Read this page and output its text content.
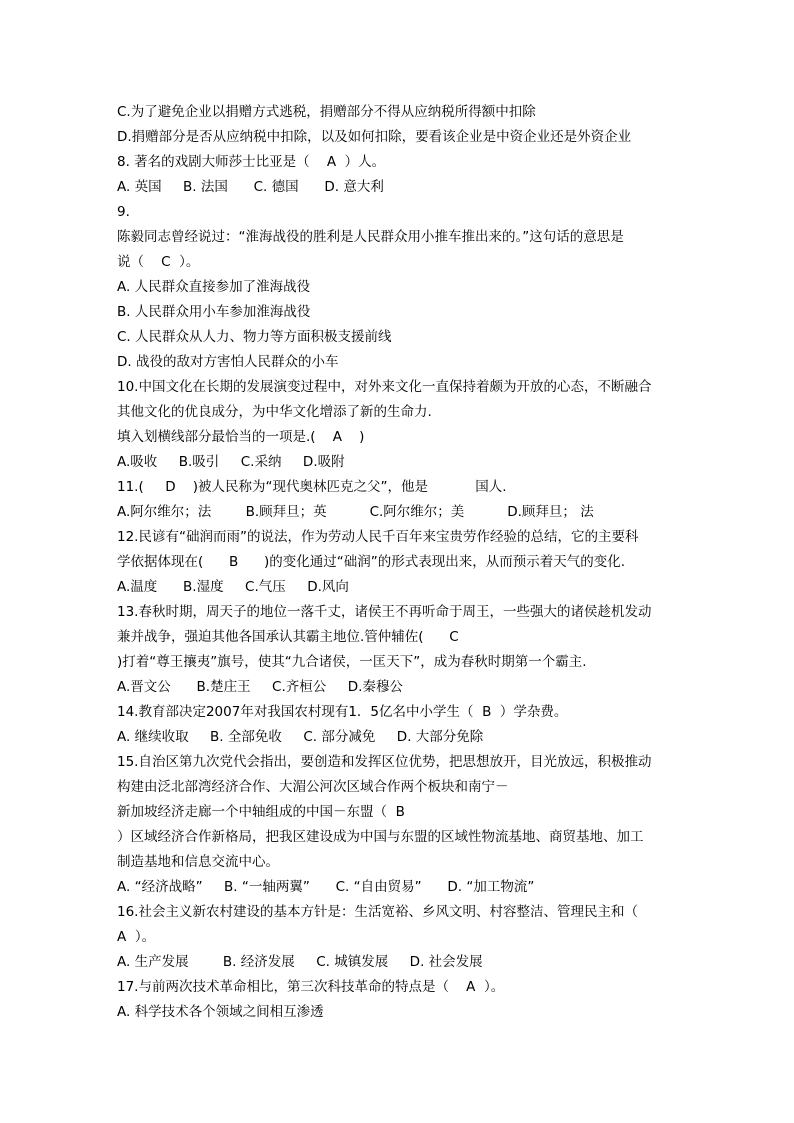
C.为了避免企业以捐赠方式逃税，捐赠部分不得从应纳税所得额中扣除
D.捐赠部分是否从应纳税中扣除，以及如何扣除，要看该企业是中资企业还是外资企业
8. 著名的戏剧大师莎士比亚是（    A  ）人。
A. 英国     B. 法国      C. 德国      D. 意大利
9.
陈毅同志曾经说过：“淮海战役的胜利是人民群众用小推车推出来的。”这句话的意思是
说（    C  ）。
A. 人民群众直接参加了淮海战役
B. 人民群众用小车参加淮海战役
C. 人民群众从人力、物力等方面积极支援前线
D. 战役的敌对方害怕人民群众的小车
10.中国文化在长期的发展演变过程中，对外来文化一直保持着颇为开放的心态，不断融合
其他文化的优良成分，为中华文化增添了新的生命力.
填入划横线部分最恰当的一项是.(    A    )
A.吸收     B.吸引     C.采纳     D.吸附
11.(     D    )被人民称为“现代奥林匹克之父”，他是           国人.
A.阿尔维尔；法        B.顾拜旦；英          C.阿尔维尔；美          D.顾拜旦； 法
12.民谚有“础润而雨”的说法，作为劳动人民千百年来宝贵劳作经验的总结，它的主要科
学依据体现在(      B      )的变化通过“础润”的形式表现出来，从而预示着天气的变化.
A.温度      B.湿度     C.气压     D.风向
13.春秋时期，周天子的地位一落千丈，诸侯王不再听命于周王，一些强大的诸侯趁机发动
兼并战争，强迫其他各国承认其霸主地位.管仲辅佐(      C
)打着“尊王攘夷”旗号，使其“九合诸侯，一匡天下”，成为春秋时期第一个霸主.
A.晋文公      B.楚庄王     C.齐桓公     D.秦穆公
14.教育部决定2007年对我国农村现有1．5亿名中小学生（  B  ）学杂费。
A. 继续收取     B. 全部免收     C. 部分减免     D. 大部分免除
15.自治区第九次党代会指出，要创造和发挥区位优势，把思想放开，目光放远，积极推动
构建由泛北部湾经济合作、大湄公河次区域合作两个板块和南宁－
新加坡经济走廊一个中轴组成的中国－东盟（  B
）区域经济合作新格局，把我区建设成为中国与东盟的区域性物流基地、商贸基地、加工
制造基地和信息交流中心。
A. “经济战略”     B. “一轴两翼”      C. “自由贸易”      D. “加工物流”
16.社会主义新农村建设的基本方针是：生活宽裕、乡风文明、村容整洁、管理民主和（
A  ）。
A. 生产发展        B. 经济发展     C. 城镇发展     D. 社会发展
17.与前两次技术革命相比，第三次科技革命的特点是（    A  ）。
A. 科学技术各个领域之间相互渗透
